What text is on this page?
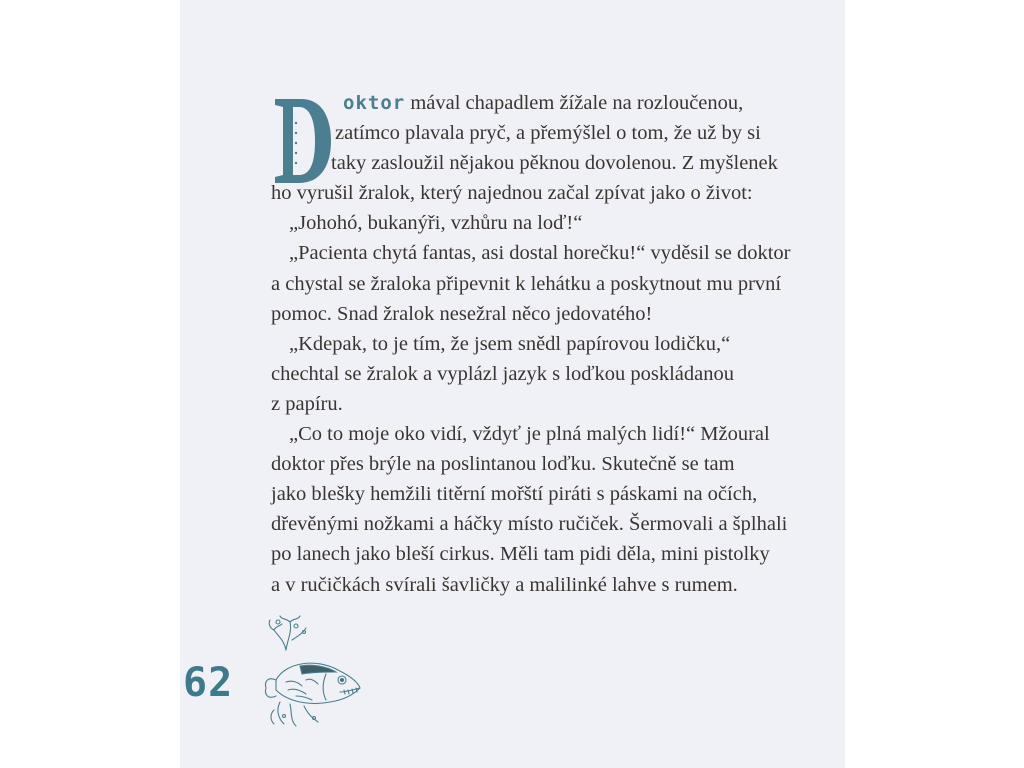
D	oktor mával chapadlem žížale na rozloučenou,
zatímco plavala pryč, a přemýšlel o tom, že už by si
taky zasloužil nějakou pěknou dovolenou. Z myšlenek
ho vyrušil žralok, který najednou začal zpívat jako o život:
„Johohó, bukanýři, vzhůru na loď!“
„Pacienta chytá fantas, asi dostal horečku!“ vyděsil se doktor
a chystal se žraloka připevnit k lehátku a poskytnout mu první
pomoc. Snad žralok nesežral něco jedovatého!
„Kdepak, to je tím, že jsem snědl papírovou lodičku,“
chechtal se žralok a vyplázl jazyk s loďkou poskládanou
z papíru.
„Co to moje oko vidí, vždyť je plná malých lidí!“ Mžoural
doktor přes brýle na poslintanou loďku. Skutečně se tam
jako blešky hemžili titěrní mořští piráti s páskami na očích,
dřevěnými nožkami a háčky místo ručiček. Šermovali a šplhali
po lanech jako bleší cirkus. Měli tam pidi děla, mini pistolky
a v ručičkách svírali šavličky a malilinké lahve s rumem.
62
